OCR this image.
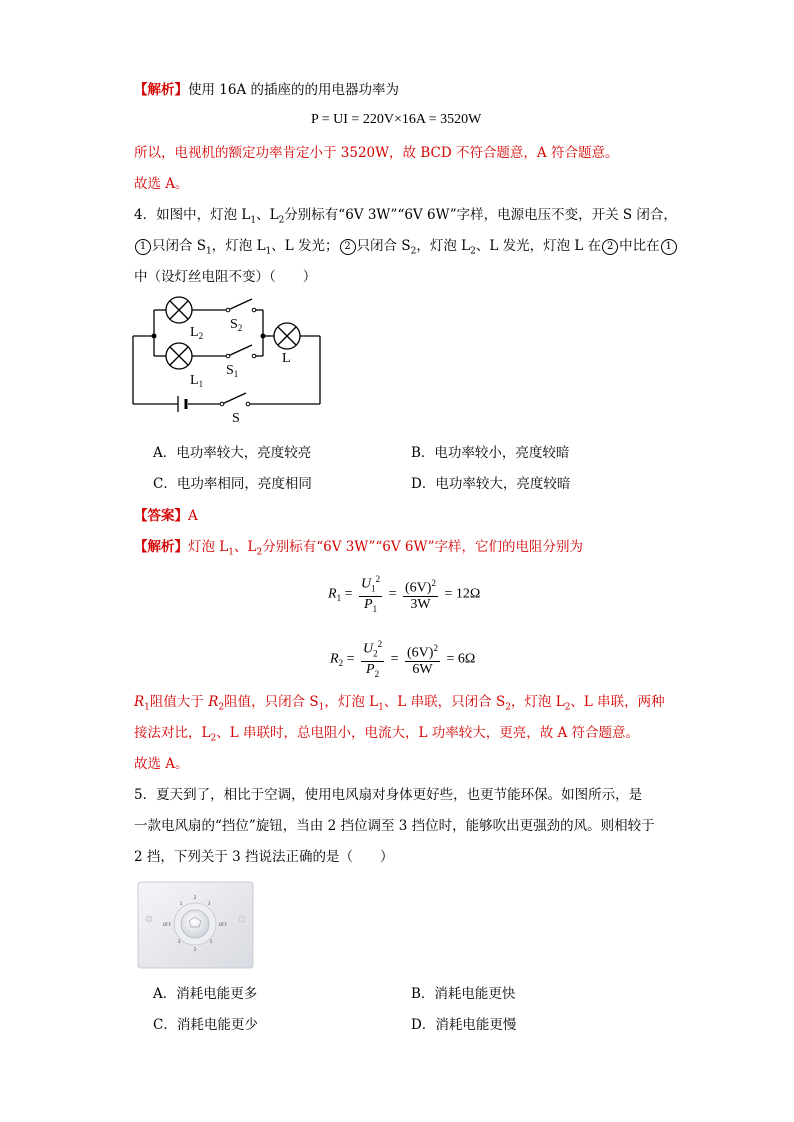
【解析】使用 16A 的插座的的用电器功率为
P = UI = 220V×16A = 3520W
所以，电视机的额定功率肯定小于 3520W，故 BCD 不符合题意，A 符合题意。
故选 A。
4．如图中，灯泡 $L_1$、$L_2$分别标有“6V 3W”“6V 6W”字样，电源电压不变，开关 S 闭合，
1 只闭合 $S_1$，灯泡 $L_1$、L 发光； 2 只闭合 $S_2$，灯泡 $L_2$、L 发光，灯泡 L 在 2 中比在 1
中（设灯丝电阻不变）（　　）
$L_2$
$S_2$
$L_1$
$S_1$
L
S
A．电功率较大，亮度较亮	B．电功率较小，亮度较暗
C．电功率相同，亮度相同	D．电功率较大，亮度较暗
【答案】A
【解析】灯泡 $L_1$、$L_2$分别标有“6V 3W”“6V 6W”字样，它们的电阻分别为
$R_1 = \frac{U_1^2}{P_1} = \frac{(6V)^2}{3W} = 12\Omega$
$R_2 = \frac{U_2^2}{P_2} = \frac{(6V)^2}{6W} = 6\Omega$
$R_1$阻值大于 $R_2$阻值，只闭合 $S_1$，灯泡 $L_1$、L 串联，只闭合 $S_2$，灯泡 $L_2$、L 串联，两种
接法对比，$L_2$、L 串联时，总电阻小，电流大，L 功率较大，更亮，故 A 符合题意。
故选 A。
5．夏天到了，相比于空调，使用电风扇对身体更好些，也更节能环保。如图所示，是
一款电风扇的“挡位”旋钮，当由 2 挡位调至 3 挡位时，能够吹出更强劲的风。则相较于
2 挡，下列关于 3 挡说法正确的是（　　）
2
3
OFF
OFF
1
3	1
2
A．消耗电能更多	B．消耗电能更快
C．消耗电能更少	D．消耗电能更慢
